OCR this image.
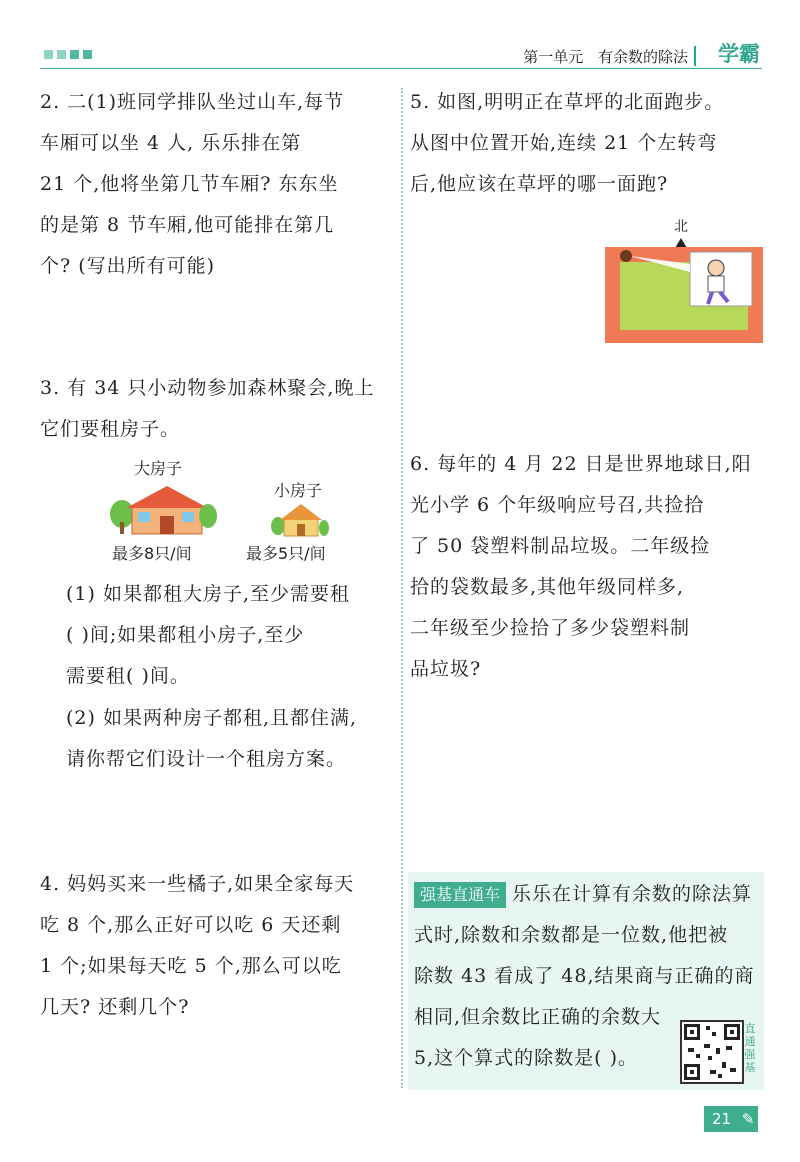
第一单元 有余数的除法 学霸
2. 二(1)班同学排队坐过山车,每节
车厢可以坐 4 人, 乐乐排在第
21 个,他将坐第几节车厢? 东东坐
的是第 8 节车厢,他可能排在第几
个? (写出所有可能)
3. 有 34 只小动物参加森林聚会,晚上
它们要租房子。
大房子
最多8只/间
小房子
最多5只/间
(1) 如果都租大房子,至少需要租
( )间;如果都租小房子,至少
需要租( )间。
(2) 如果两种房子都租,且都住满,
请你帮它们设计一个租房方案。
4. 妈妈买来一些橘子,如果全家每天
吃 8 个,那么正好可以吃 6 天还剩
1 个;如果每天吃 5 个,那么可以吃
几天? 还剩几个?
5. 如图,明明正在草坪的北面跑步。
从图中位置开始,连续 21 个左转弯
后,他应该在草坪的哪一面跑?
北
6. 每年的 4 月 22 日是世界地球日,阳
光小学 6 个年级响应号召,共捡拾
了 50 袋塑料制品垃圾。二年级捡
拾的袋数最多,其他年级同样多,
二年级至少捡拾了多少袋塑料制
品垃圾?
强基直通车 乐乐在计算有余数的除法算
式时,除数和余数都是一位数,他把被
除数 43 看成了 48,结果商与正确的商
相同,但余数比正确的余数大
5,这个算式的除数是( )。
直通强基
21 ✎
